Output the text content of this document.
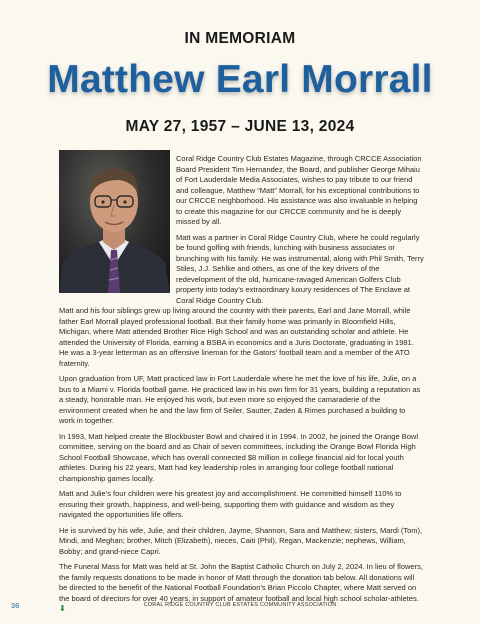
IN MEMORIAM
Matthew Earl Morrall
MAY 27, 1957 – JUNE 13, 2024

Coral Ridge Country Club Estates Magazine, through CRCCE Association Board President Tim Hernandez, the Board, and publisher George Mihaiu of Fort Lauderdale Media Associates, wishes to pay tribute to our friend and colleague, Matthew “Matt” Morrall, for his exceptional contributions to our CRCCE neighborhood. His assistance was also invaluable in helping to create this magazine for our CRCCE community and he is deeply missed by all.

Matt was a partner in Coral Ridge Country Club, where he could regularly be found golfing with friends, lunching with business associates or brunching with his family. He was instrumental, along with Phil Smith, Terry Stiles, J.J. Sehlke and others, as one of the key drivers of the redevelopment of the old, hurricane-ravaged American Golfers Club property into today’s extraordinary luxury residences of The Enclave at Coral Ridge Country Club.

Matt and his four siblings grew up living around the country with their parents, Earl and Jane Morrall, while father Earl Morrall played professional football. But their family home was primarily in Bloomfield Hills, Michigan, where Matt attended Brother Rice High School and was an outstanding scholar and athlete. He attended the University of Florida, earning a BSBA in economics and a Juris Doctorate, graduating in 1981. He was a 3-year letterman as an offensive lineman for the Gators’ football team and a member of the ATO fraternity.

Upon graduation from UF, Matt practiced law in Fort Lauderdale where he met the love of his life, Julie, on a bus to a Miami v. Florida football game. He practiced law in his own firm for 31 years, building a reputation as a steady, honorable man. He enjoyed his work, but even more so enjoyed the camaraderie of the environment created when he and the law firm of Seiler, Sautter, Zaden & Rimes purchased a building to work in together.

In 1993, Matt helped create the Blockbuster Bowl and chaired it in 1994. In 2002, he joined the Orange Bowl committee, serving on the board and as Chair of seven committees, including the Orange Bowl Florida High School Football Showcase, which has overall connected $8 million in college financial aid for local youth athletes. During his 22 years, Matt had key leadership roles in arranging four college football national championship games locally.

Matt and Julie’s four children were his greatest joy and accomplishment. He committed himself 110% to ensuring their growth, happiness, and well-being, supporting them with guidance and wisdom as they navigated the opportunities life offers.

He is survived by his wife, Julie, and their children, Jayme, Shannon, Sara and Matthew; sisters, Mardi (Tom), Mindi, and Meghan; brother, Mitch (Elizabeth), nieces, Caiti (Phil), Regan, Mackenzie; nephews, William, Bobby; and grand-niece Capri.

The Funeral Mass for Matt was held at St. John the Baptist Catholic Church on July 2, 2024. In lieu of flowers, the family requests donations to be made in honor of Matt through the donation tab below. All donations will be directed to the benefit of the National Football Foundation’s Brian Piccolo Chapter, where Matt served on the board of directors for over 40 years, in support of amateur football and local high school scholar-athletes. ⬇

36	CORAL RIDGE COUNTRY CLUB ESTATES COMMUNITY ASSOCIATION
